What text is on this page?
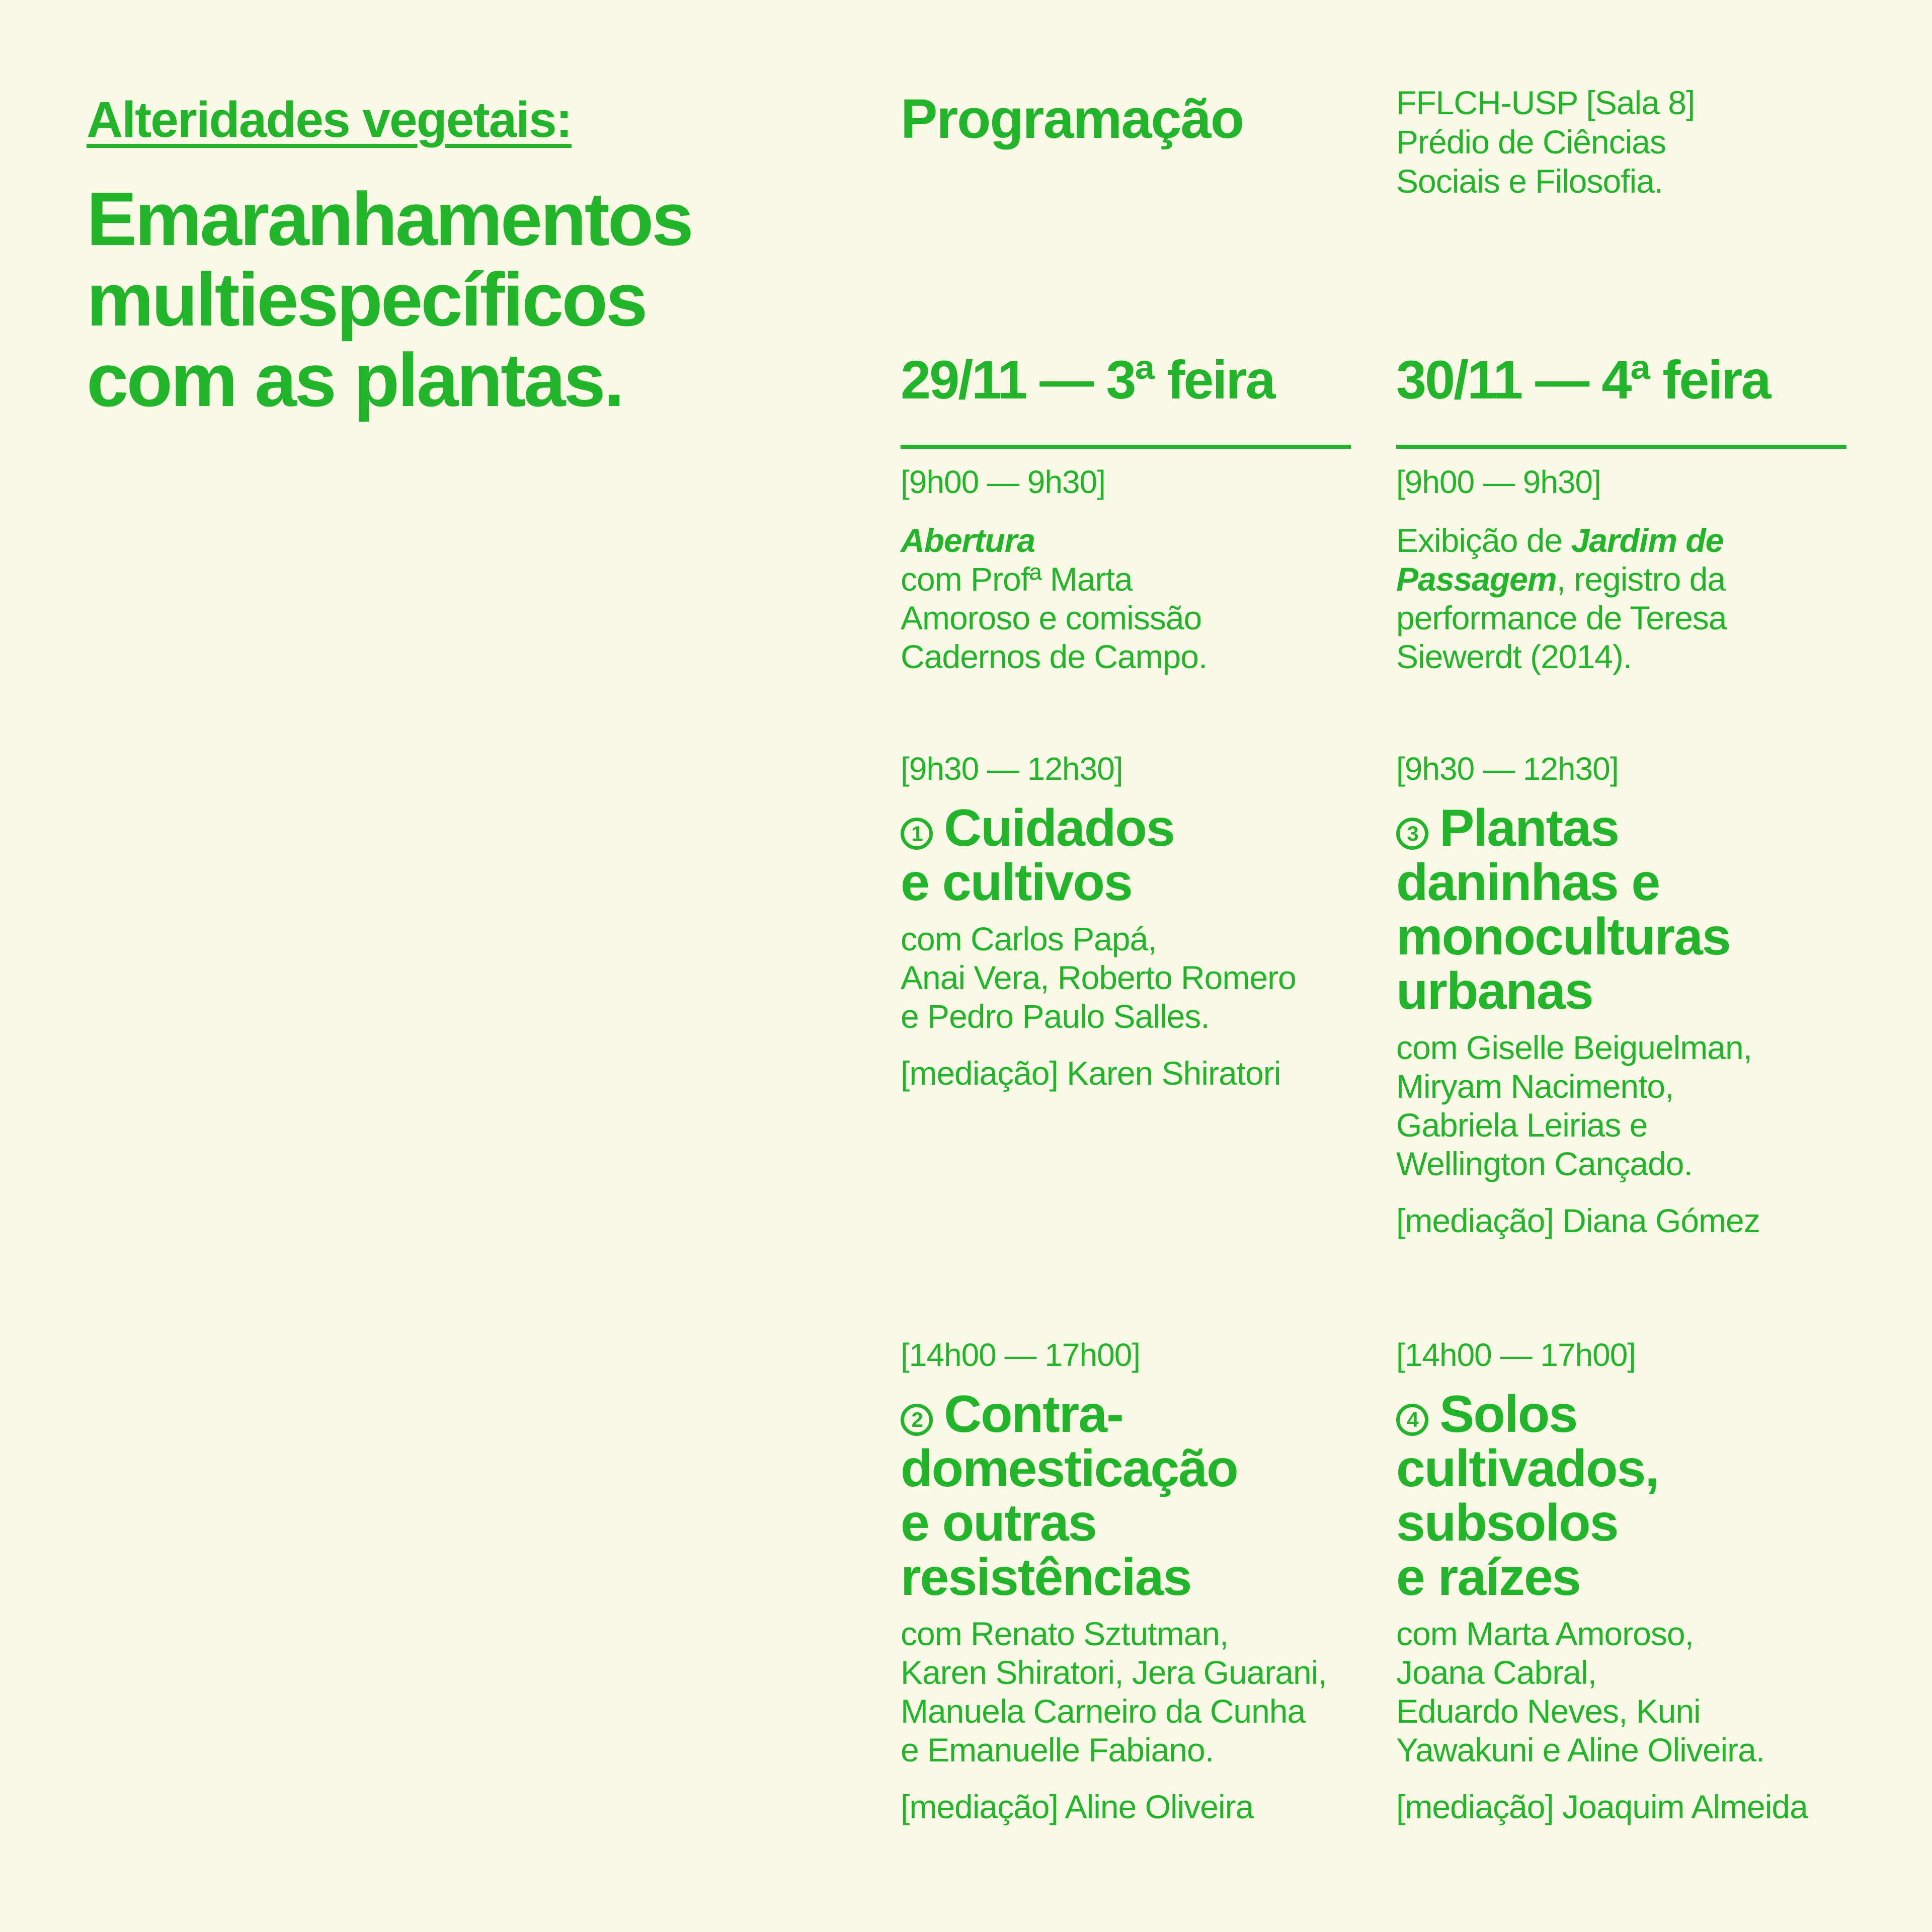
Alteridades vegetais:
Emaranhamentos
multiespecíficos
com as plantas.
Programação	FFLCH-USP [Sala 8]
Prédio de Ciências
Sociais e Filosofia.
29/11 — 3ª feira
[9h00 — 9h30]
Abertura
com Profª Marta
Amoroso e comissão
Cadernos de Campo.
[9h30 — 12h30]
1 Cuidados
e cultivos
com Carlos Papá,
Anai Vera, Roberto Romero
e Pedro Paulo Salles.
[mediação] Karen Shiratori
[14h00 — 17h00]
2 Contra-
domesticação
e outras
resistências
com Renato Sztutman,
Karen Shiratori, Jera Guarani,
Manuela Carneiro da Cunha
e Emanuelle Fabiano.
[mediação] Aline Oliveira
30/11 — 4ª feira
[9h00 — 9h30]
Exibição de Jardim de
Passagem, registro da
performance de Teresa
Siewerdt (2014).
[9h30 — 12h30]
3 Plantas
daninhas e
monoculturas
urbanas
com Giselle Beiguelman,
Miryam Nacimento,
Gabriela Leirias e
Wellington Cançado.
[mediação] Diana Gómez
[14h00 — 17h00]
4 Solos
cultivados,
subsolos
e raízes
com Marta Amoroso,
Joana Cabral,
Eduardo Neves, Kuni
Yawakuni e Aline Oliveira.
[mediação] Joaquim Almeida
